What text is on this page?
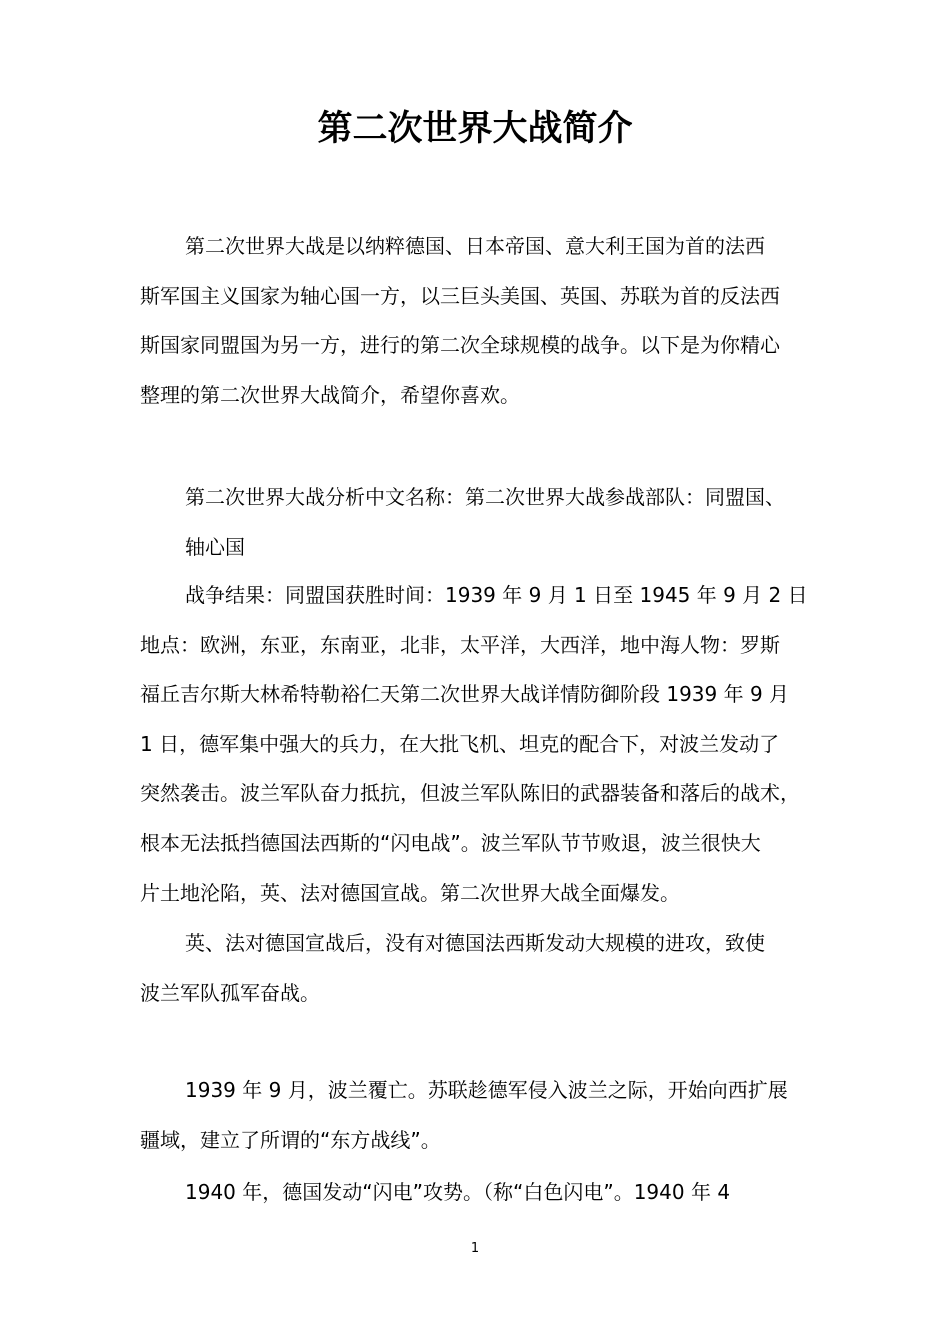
第二次世界大战简介
第二次世界大战是以纳粹德国、日本帝国、意大利王国为首的法西
斯军国主义国家为轴心国一方，以三巨头美国、英国、苏联为首的反法西
斯国家同盟国为另一方，进行的第二次全球规模的战争。以下是为你精心
整理的第二次世界大战简介，希望你喜欢。
第二次世界大战分析中文名称：第二次世界大战参战部队：同盟国、
轴心国
战争结果：同盟国获胜时间：1939 年 9 月 1 日至 1945 年 9 月 2 日
地点：欧洲，东亚，东南亚，北非，太平洋，大西洋，地中海人物：罗斯
福丘吉尔斯大林希特勒裕仁天第二次世界大战详情防御阶段 1939 年 9 月
1 日，德军集中强大的兵力，在大批飞机、坦克的配合下，对波兰发动了
突然袭击。波兰军队奋力抵抗，但波兰军队陈旧的武器装备和落后的战术，
根本无法抵挡德国法西斯的“闪电战”。波兰军队节节败退，波兰很快大
片土地沦陷，英、法对德国宣战。第二次世界大战全面爆发。
英、法对德国宣战后，没有对德国法西斯发动大规模的进攻，致使
波兰军队孤军奋战。
1939 年 9 月，波兰覆亡。苏联趁德军侵入波兰之际，开始向西扩展
疆域，建立了所谓的“东方战线”。
1940 年，德国发动“闪电”攻势。（称“白色闪电”。1940 年 4
1
